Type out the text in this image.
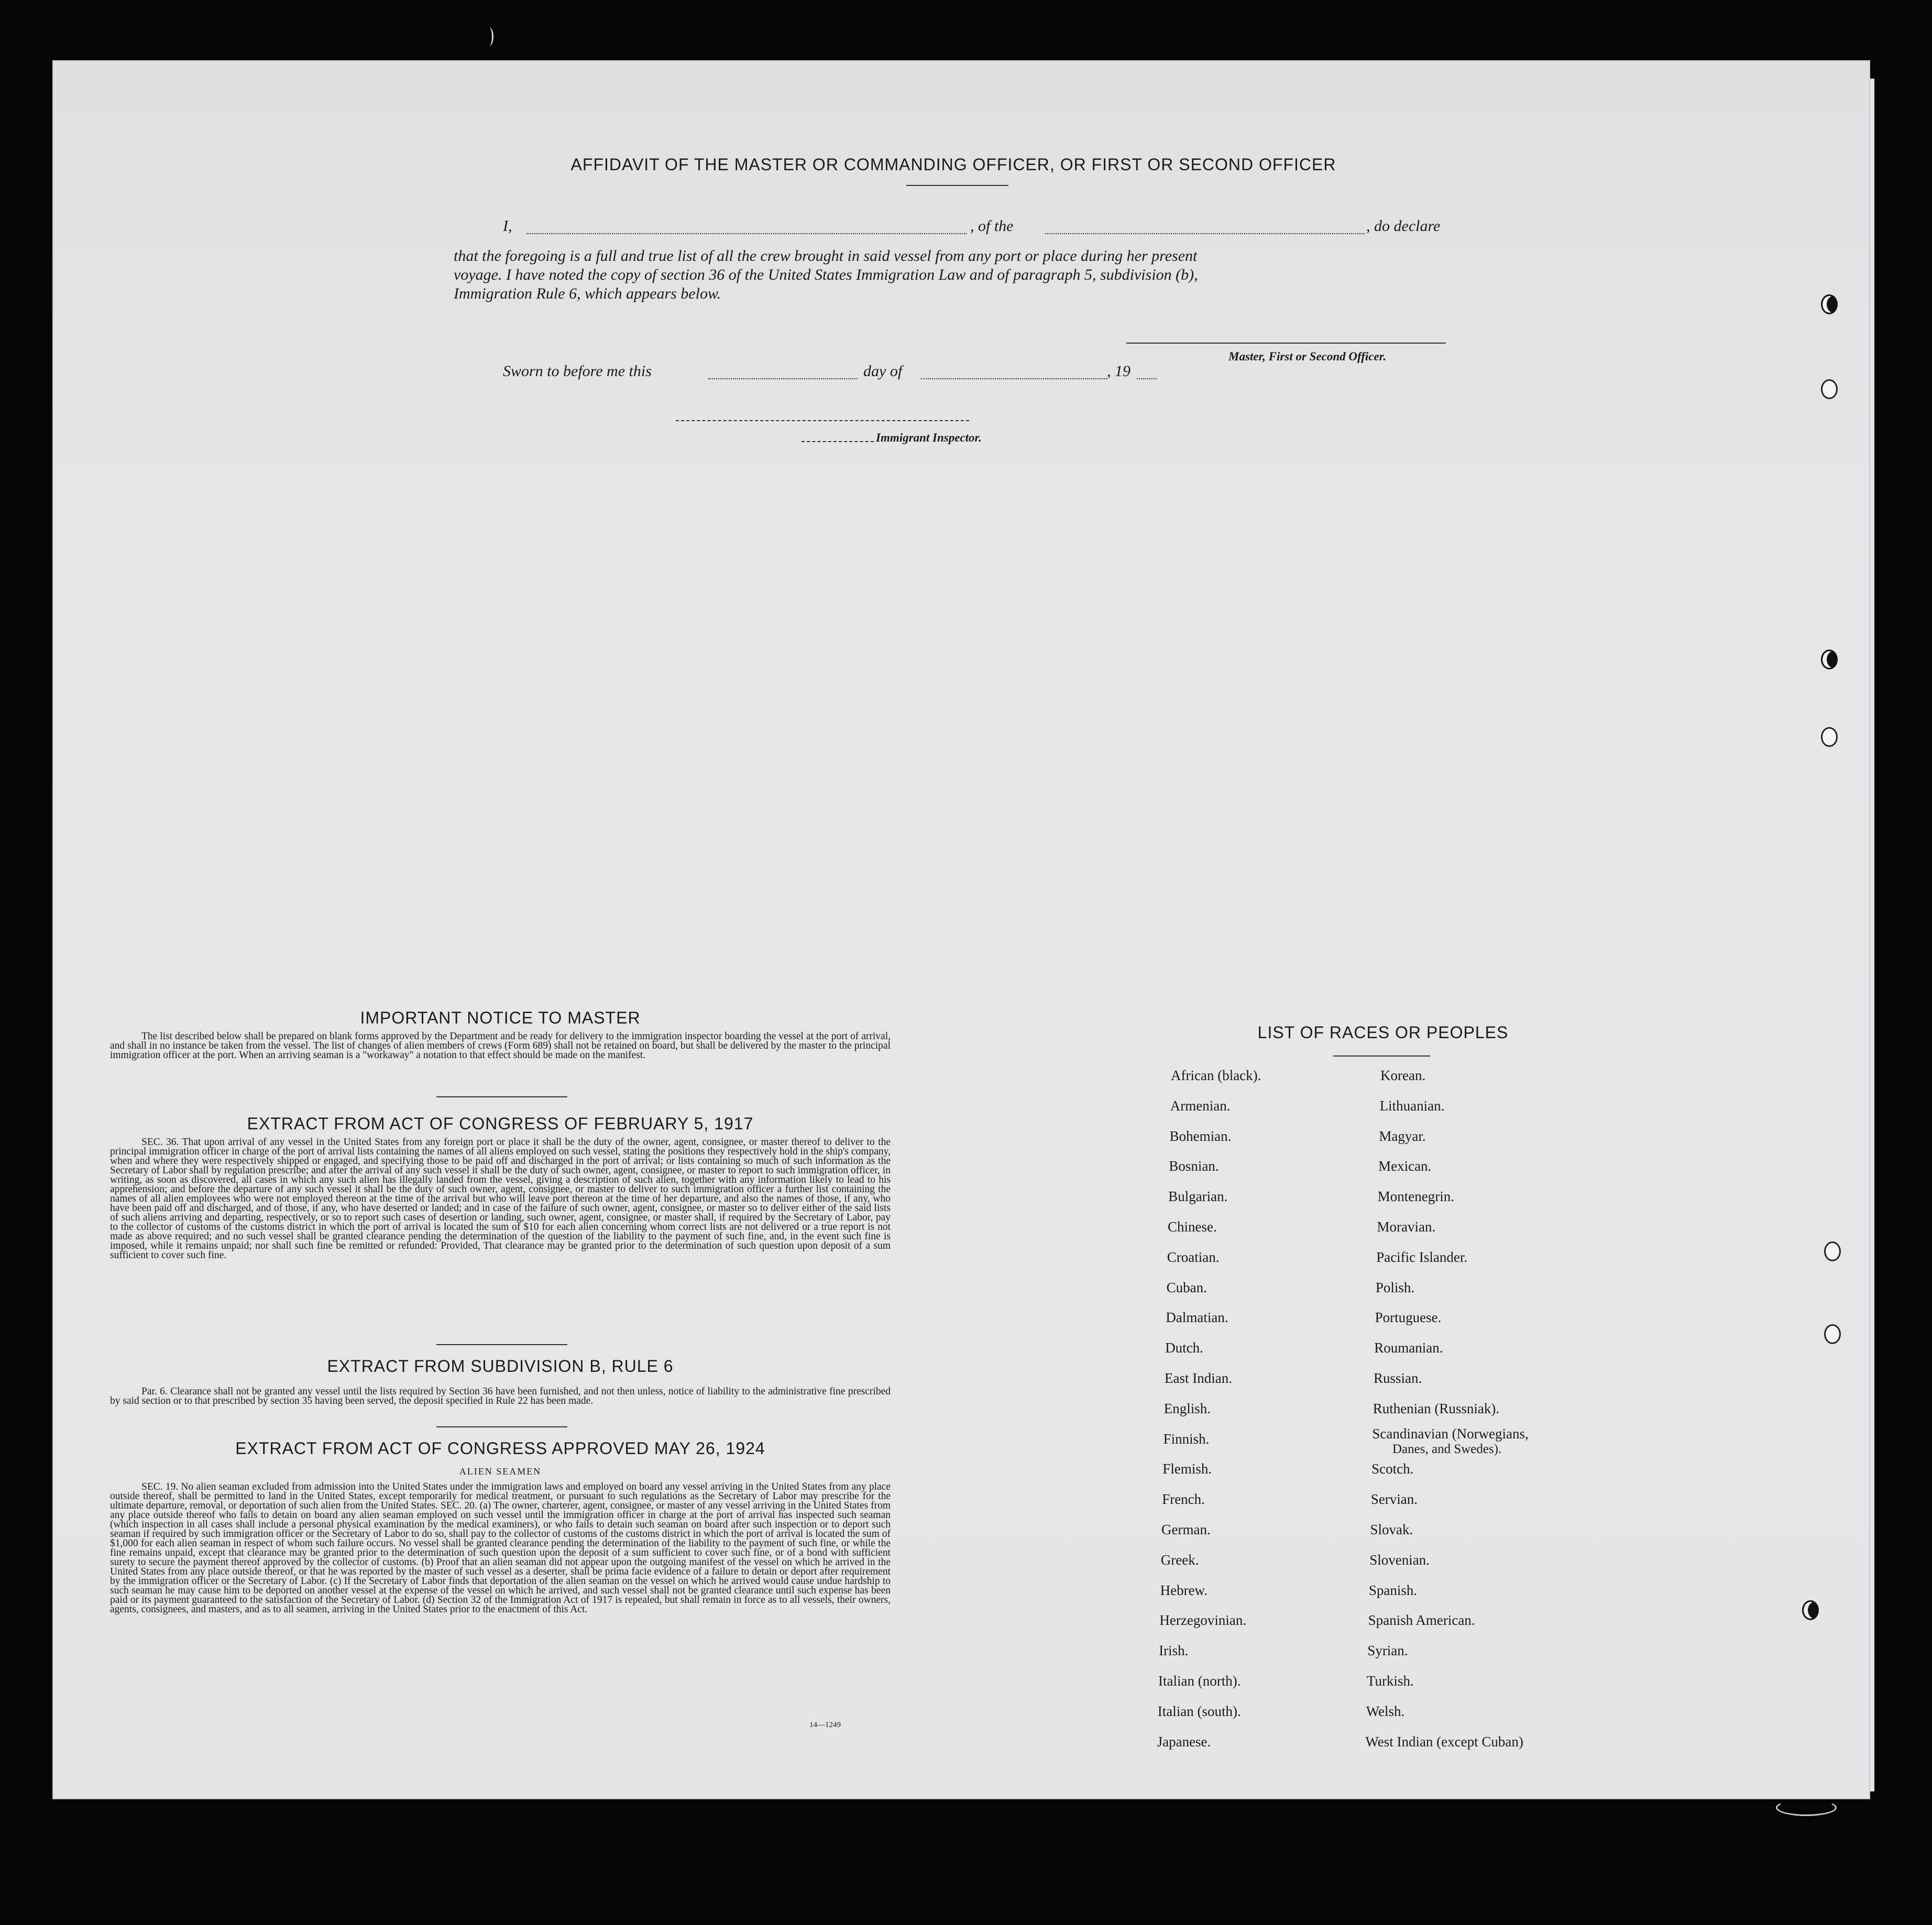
AFFIDAVIT OF THE MASTER OR COMMANDING OFFICER, OR FIRST OR SECOND OFFICER
I,	, of the	, do declare
that the foregoing is a full and true list of all the crew brought in said vessel from any port or place during her present
voyage. I have noted the copy of section 36 of the United States Immigration Law and of paragraph 5, subdivision (b),
Immigration Rule 6, which appears below.
Master, First or Second Officer.
Sworn to before me this	day of	, 19
Immigrant Inspector.
IMPORTANT NOTICE TO MASTER
The list described below shall be prepared on blank forms approved by the Department and be ready for delivery to the immigration inspector boarding the vessel at the port of arrival, and shall in no instance be taken from the vessel. The list of changes of alien members of crews (Form 689) shall not be retained on board, but shall be delivered by the master to the principal immigration officer at the port. When an arriving seaman is a "workaway" a notation to that effect should be made on the manifest.
EXTRACT FROM ACT OF CONGRESS OF FEBRUARY 5, 1917
SEC. 36. That upon arrival of any vessel in the United States from any foreign port or place it shall be the duty of the owner, agent, consignee, or master thereof to deliver to the principal immigration officer in charge of the port of arrival lists containing the names of all aliens employed on such vessel, stating the positions they respectively hold in the ship's company, when and where they were respectively shipped or engaged, and specifying those to be paid off and discharged in the port of arrival; or lists containing so much of such information as the Secretary of Labor shall by regulation prescribe; and after the arrival of any such vessel it shall be the duty of such owner, agent, consignee, or master to report to such immigration officer, in writing, as soon as discovered, all cases in which any such alien has illegally landed from the vessel, giving a description of such alien, together with any information likely to lead to his apprehension; and before the departure of any such vessel it shall be the duty of such owner, agent, consignee, or master to deliver to such immigration officer a further list containing the names of all alien employees who were not employed thereon at the time of the arrival but who will leave port thereon at the time of her departure, and also the names of those, if any, who have been paid off and discharged, and of those, if any, who have deserted or landed; and in case of the failure of such owner, agent, consignee, or master so to deliver either of the said lists of such aliens arriving and departing, respectively, or so to report such cases of desertion or landing, such owner, agent, consignee, or master shall, if required by the Secretary of Labor, pay to the collector of customs of the customs district in which the port of arrival is located the sum of $10 for each alien concerning whom correct lists are not delivered or a true report is not made as above required; and no such vessel shall be granted clearance pending the determination of the question of the liability to the payment of such fine, and, in the event such fine is imposed, while it remains unpaid; nor shall such fine be remitted or refunded: Provided, That clearance may be granted prior to the determination of such question upon deposit of a sum sufficient to cover such fine.
EXTRACT FROM SUBDIVISION B, RULE 6
Par. 6. Clearance shall not be granted any vessel until the lists required by Section 36 have been furnished, and not then unless, notice of liability to the administrative fine prescribed by said section or to that prescribed by section 35 having been served, the deposit specified in Rule 22 has been made.
EXTRACT FROM ACT OF CONGRESS APPROVED MAY 26, 1924
ALIEN SEAMEN
SEC. 19. No alien seaman excluded from admission into the United States under the immigration laws and employed on board any vessel arriving in the United States from any place outside thereof, shall be permitted to land in the United States, except temporarily for medical treatment, or pursuant to such regulations as the Secretary of Labor may prescribe for the ultimate departure, removal, or deportation of such alien from the United States. SEC. 20. (a) The owner, charterer, agent, consignee, or master of any vessel arriving in the United States from any place outside thereof who fails to detain on board any alien seaman employed on such vessel until the immigration officer in charge at the port of arrival has inspected such seaman (which inspection in all cases shall include a personal physical examination by the medical examiners), or who fails to detain such seaman on board after such inspection or to deport such seaman if required by such immigration officer or the Secretary of Labor to do so, shall pay to the collector of customs of the customs district in which the port of arrival is located the sum of $1,000 for each alien seaman in respect of whom such failure occurs. No vessel shall be granted clearance pending the determination of the liability to the payment of such fine, or while the fine remains unpaid, except that clearance may be granted prior to the determination of such question upon the deposit of a sum sufficient to cover such fine, or of a bond with sufficient surety to secure the payment thereof approved by the collector of customs. (b) Proof that an alien seaman did not appear upon the outgoing manifest of the vessel on which he arrived in the United States from any place outside thereof, or that he was reported by the master of such vessel as a deserter, shall be prima facie evidence of a failure to detain or deport after requirement by the immigration officer or the Secretary of Labor. (c) If the Secretary of Labor finds that deportation of the alien seaman on the vessel on which he arrived would cause undue hardship to such seaman he may cause him to be deported on another vessel at the expense of the vessel on which he arrived, and such vessel shall not be granted clearance until such expense has been paid or its payment guaranteed to the satisfaction of the Secretary of Labor. (d) Section 32 of the Immigration Act of 1917 is repealed, but shall remain in force as to all vessels, their owners, agents, consignees, and masters, and as to all seamen, arriving in the United States prior to the enactment of this Act.
14—1249
LIST OF RACES OR PEOPLES
African (black).
Armenian.
Bohemian.
Bosnian.
Bulgarian.
Chinese.
Croatian.
Cuban.
Dalmatian.
Dutch.
East Indian.
English.
Finnish.
Flemish.
French.
German.
Greek.
Hebrew.
Herzegovinian.
Irish.
Italian (north).
Italian (south).
Japanese.
Korean.
Lithuanian.
Magyar.
Mexican.
Montenegrin.
Moravian.
Pacific Islander.
Polish.
Portuguese.
Roumanian.
Russian.
Ruthenian (Russniak).
Scandinavian (Norwegians,
Scotch.
Servian.
Slovak.
Slovenian.
Spanish.
Spanish American.
Syrian.
Turkish.
Welsh.
West Indian (except Cuban)
Danes, and Swedes).
